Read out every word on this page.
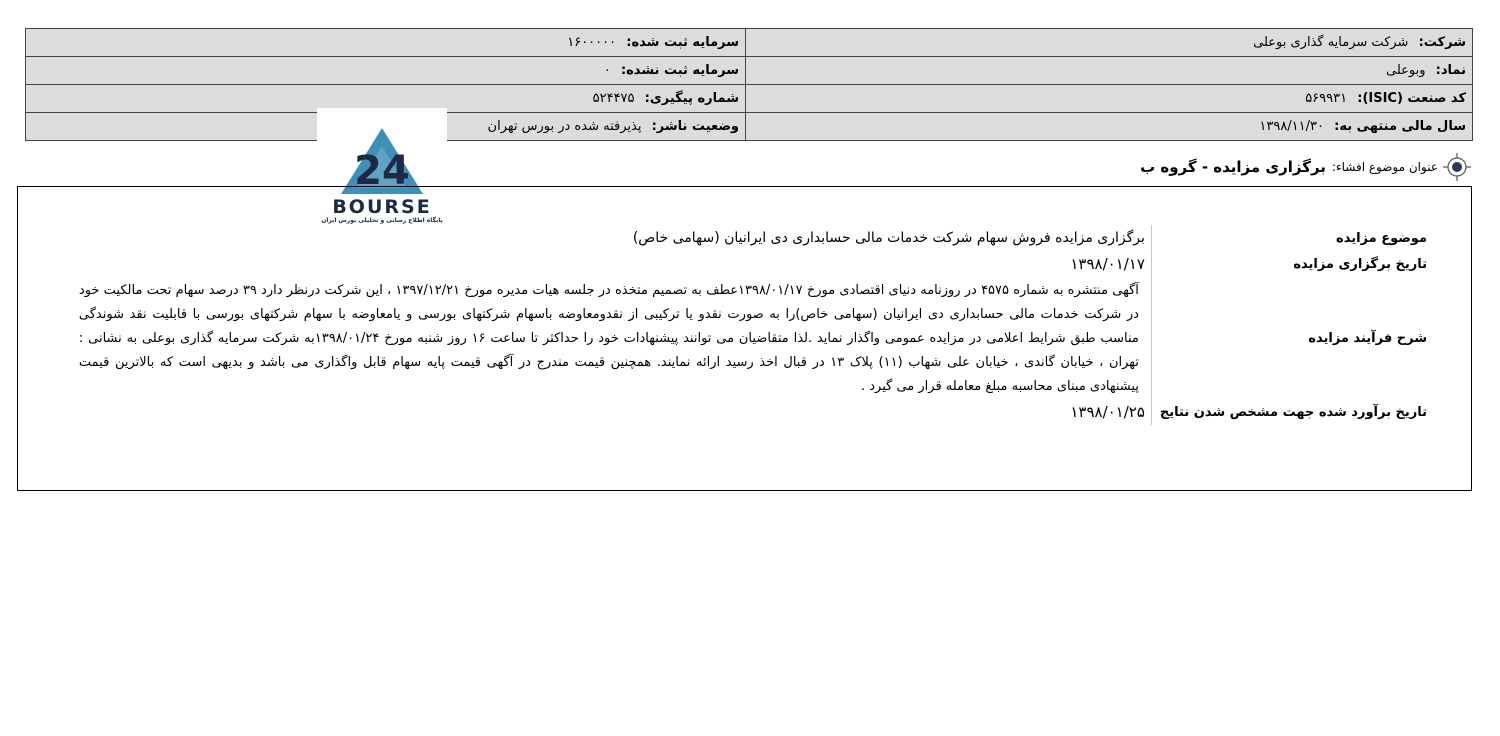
شرکت: شرکت سرمایه گذاری بوعلی	سرمایه ثبت شده: ۱۶۰۰۰۰۰
نماد: وبوعلی	سرمایه ثبت نشده: ۰
کد صنعت (ISIC): ۵۶۹۹۳۱	شماره پیگیری: ۵۲۴۴۷۵
سال مالی منتهی به: ۱۳۹۸/۱۱/۳۰	وضعیت ناشر: پذیرفته شده در بورس تهران
24
BOURSE
پایگاه اطلاع رسانی و تحلیلی بورس ایران
عنوان موضوع افشاء:
برگزاری مزایده - گروه ب
موضوع مزایده	برگزاری مزایده فروش سهام شرکت خدمات مالی حسابداری دی ایرانیان (سهامی خاص)
تاریخ برگزاری مزایده	۱۳۹۸/۰۱/۱۷
شرح فرآیند مزایده	آگهی منتشره به شماره ۴۵۷۵ در روزنامه دنیای اقتصادی مورخ ۱۳۹۸/۰۱/۱۷عطف به تصمیم متخذه در جلسه هیات مدیره مورخ ۱۳۹۷/۱۲/۲۱ ، این شرکت درنظر دارد ۳۹ درصد سهام تحت مالکیت خود در شرکت خدمات مالی حسابداری دی ایرانیان (سهامی خاص)را به صورت نقدو یا ترکیبی از نقدومعاوضه باسهام شرکتهای بورسی و یامعاوضه با سهام شرکتهای بورسی با قابلیت نقد شوندگی مناسب طبق شرایط اعلامی در مزایده عمومی واگذار نماید .لذا متقاضیان می توانند پیشنهادات خود را حداکثر تا ساعت ۱۶ روز شنبه مورخ ۱۳۹۸/۰۱/۲۴به شرکت سرمایه گذاری بوعلی به نشانی : تهران ، خیابان گاندی ، خیابان علی شهاب (۱۱) پلاک ۱۳ در قبال اخذ رسید ارائه نمایند. همچنین قیمت مندرج در آگهی قیمت پایه سهام قابل واگذاری می باشد و بدیهی است که بالاترین قیمت پیشنهادی مبنای محاسبه مبلغ معامله قرار می گیرد .

تاریخ برآورد شده جهت مشخص شدن نتایج	۱۳۹۸/۰۱/۲۵
